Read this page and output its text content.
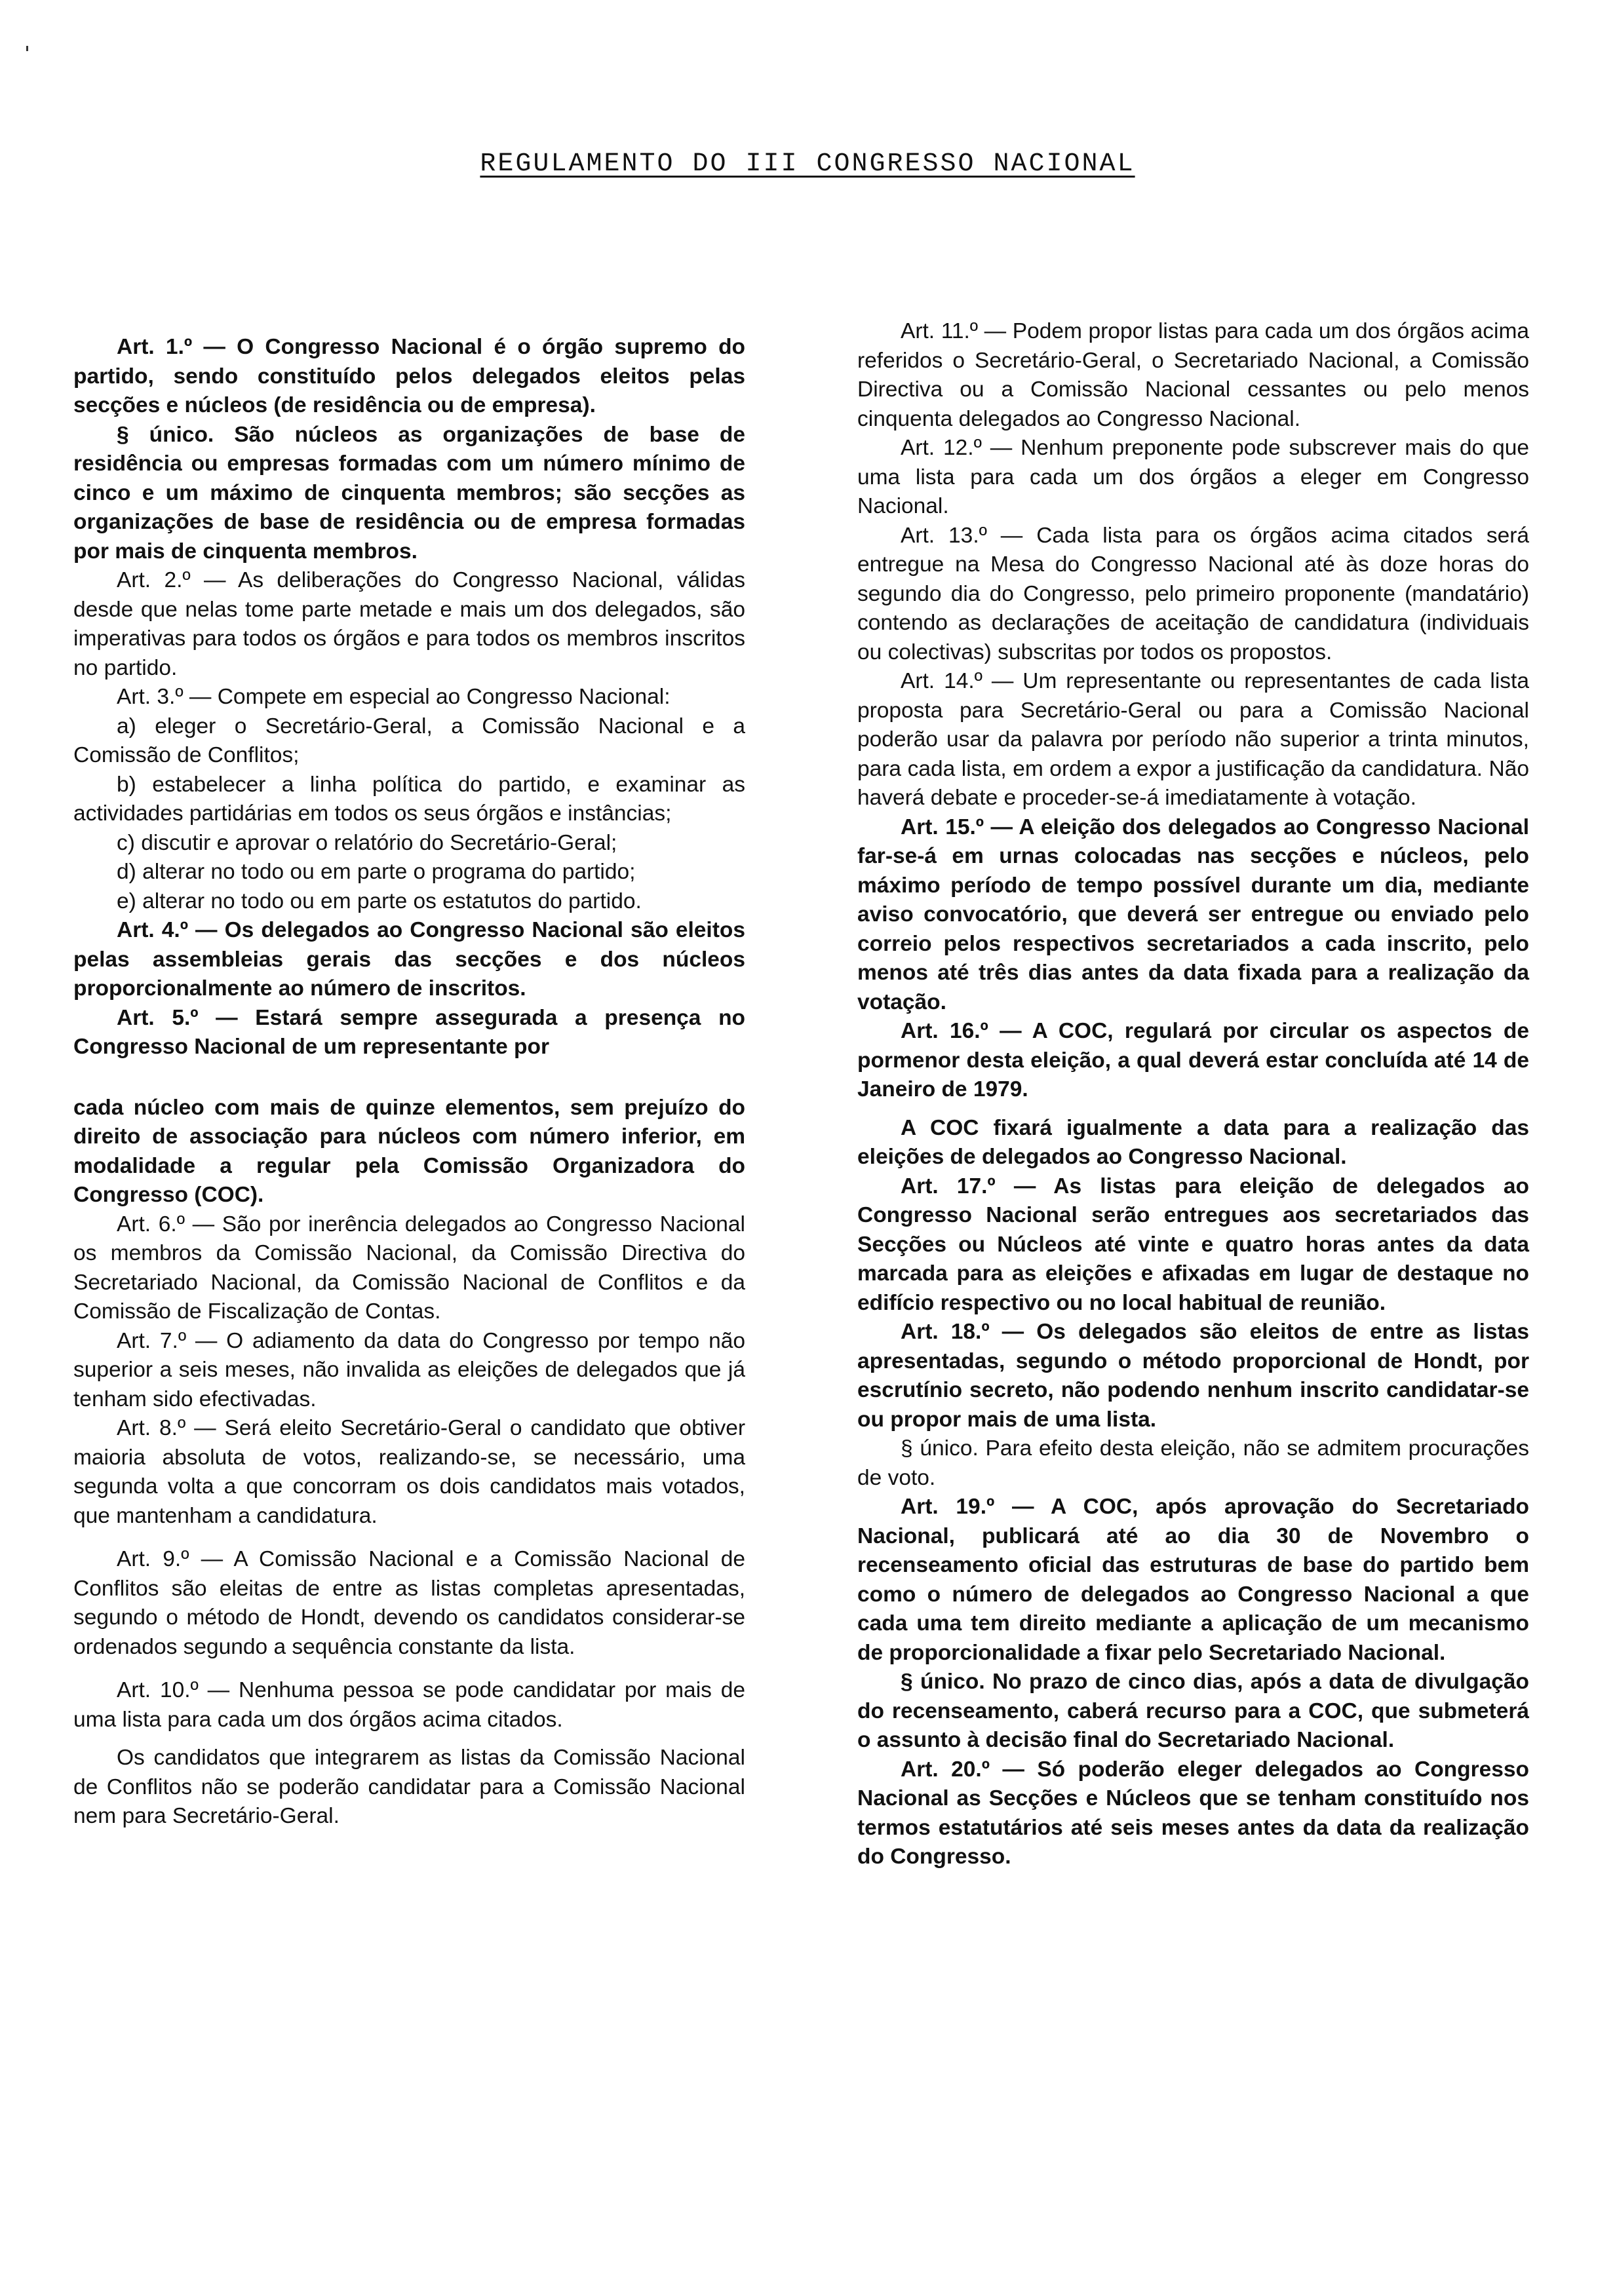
REGULAMENTO DO III CONGRESSO NACIONAL

Art. 1.º — O Congresso Nacional é o órgão supremo do partido, sendo constituído pelos delegados eleitos pelas secções e núcleos (de residência ou de empresa).

§ único. São núcleos as organizações de base de residência ou empresas formadas com um número mínimo de cinco e um máximo de cinquenta membros; são secções as organizações de base de residência ou de empresa formadas por mais de cinquenta membros.

Art. 2.º — As deliberações do Congresso Nacional, válidas desde que nelas tome parte metade e mais um dos delegados, são imperativas para todos os órgãos e para todos os membros inscritos no partido.

Art. 3.º — Compete em especial ao Congresso Nacional:

a) eleger o Secretário-Geral, a Comissão Nacional e a Comissão de Conflitos;

b) estabelecer a linha política do partido, e examinar as actividades partidárias em todos os seus órgãos e instâncias;

c) discutir e aprovar o relatório do Secretário-Geral;

d) alterar no todo ou em parte o programa do partido;

e) alterar no todo ou em parte os estatutos do partido.

Art. 4.º — Os delegados ao Congresso Nacional são eleitos pelas assembleias gerais das secções e dos núcleos proporcionalmente ao número de inscritos.

Art. 5.º — Estará sempre assegurada a presença no Congresso Nacional de um representante por

cada núcleo com mais de quinze elementos, sem prejuízo do direito de associação para núcleos com número inferior, em modalidade a regular pela Comissão Organizadora do Congresso (COC).

Art. 6.º — São por inerência delegados ao Congresso Nacional os membros da Comissão Nacional, da Comissão Directiva do Secretariado Nacional, da Comissão Nacional de Conflitos e da Comissão de Fiscalização de Contas.

Art. 7.º — O adiamento da data do Congresso por tempo não superior a seis meses, não invalida as eleições de delegados que já tenham sido efectivadas.

Art. 8.º — Será eleito Secretário-Geral o candidato que obtiver maioria absoluta de votos, realizando-se, se necessário, uma segunda volta a que concorram os dois candidatos mais votados, que mantenham a candidatura.

Art. 9.º — A Comissão Nacional e a Comissão Nacional de Conflitos são eleitas de entre as listas completas apresentadas, segundo o método de Hondt, devendo os candidatos considerar-se ordenados segundo a sequência constante da lista.

Art. 10.º — Nenhuma pessoa se pode candidatar por mais de uma lista para cada um dos órgãos acima citados.

Os candidatos que integrarem as listas da Comissão Nacional de Conflitos não se poderão candidatar para a Comissão Nacional nem para Secretário-Geral.

Art. 11.º — Podem propor listas para cada um dos órgãos acima referidos o Secretário-Geral, o Secretariado Nacional, a Comissão Directiva ou a Comissão Nacional cessantes ou pelo menos cinquenta delegados ao Congresso Nacional.

Art. 12.º — Nenhum preponente pode subscrever mais do que uma lista para cada um dos órgãos a eleger em Congresso Nacional.

Art. 13.º — Cada lista para os órgãos acima citados será entregue na Mesa do Congresso Nacional até às doze horas do segundo dia do Congresso, pelo primeiro proponente (mandatário) contendo as declarações de aceitação de candidatura (individuais ou colectivas) subscritas por todos os propostos.

Art. 14.º — Um representante ou representantes de cada lista proposta para Secretário-Geral ou para a Comissão Nacional poderão usar da palavra por período não superior a trinta minutos, para cada lista, em ordem a expor a justificação da candidatura. Não haverá debate e proceder-se-á imediatamente à votação.

Art. 15.º — A eleição dos delegados ao Congresso Nacional far-se-á em urnas colocadas nas secções e núcleos, pelo máximo período de tempo possível durante um dia, mediante aviso convocatório, que deverá ser entregue ou enviado pelo correio pelos respectivos secretariados a cada inscrito, pelo menos até três dias antes da data fixada para a realização da votação.

Art. 16.º — A COC, regulará por circular os aspectos de pormenor desta eleição, a qual deverá estar concluída até 14 de Janeiro de 1979.

A COC fixará igualmente a data para a realização das eleições de delegados ao Congresso Nacional.

Art. 17.º — As listas para eleição de delegados ao Congresso Nacional serão entregues aos secretariados das Secções ou Núcleos até vinte e quatro horas antes da data marcada para as eleições e afixadas em lugar de destaque no edifício respectivo ou no local habitual de reunião.

Art. 18.º — Os delegados são eleitos de entre as listas apresentadas, segundo o método proporcional de Hondt, por escrutínio secreto, não podendo nenhum inscrito candidatar-se ou propor mais de uma lista.

§ único. Para efeito desta eleição, não se admitem procurações de voto.

Art. 19.º — A COC, após aprovação do Secretariado Nacional, publicará até ao dia 30 de Novembro o recenseamento oficial das estruturas de base do partido bem como o número de delegados ao Congresso Nacional a que cada uma tem direito mediante a aplicação de um mecanismo de proporcionalidade a fixar pelo Secretariado Nacional.

§ único. No prazo de cinco dias, após a data de divulgação do recenseamento, caberá recurso para a COC, que submeterá o assunto à decisão final do Secretariado Nacional.

Art. 20.º — Só poderão eleger delegados ao Congresso Nacional as Secções e Núcleos que se tenham constituído nos termos estatutários até seis meses antes da data da realização do Congresso.
